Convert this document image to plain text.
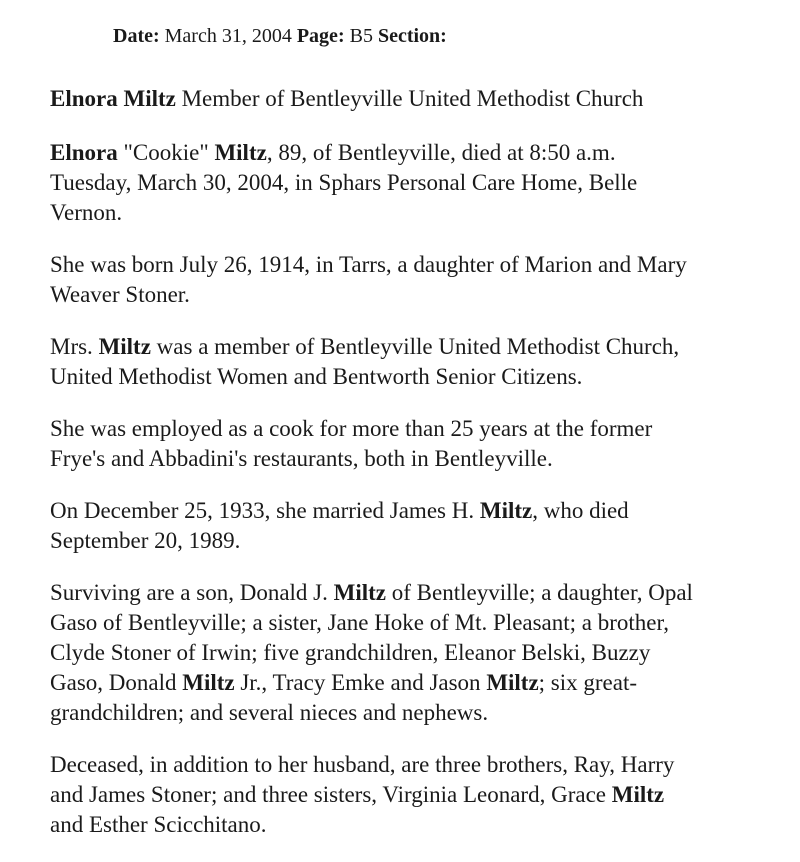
Date: March 31, 2004 Page: B5 Section:
Elnora Miltz Member of Bentleyville United Methodist Church

Elnora "Cookie" Miltz, 89, of Bentleyville, died at 8:50 a.m.
Tuesday, March 30, 2004, in Sphars Personal Care Home, Belle
Vernon.

She was born July 26, 1914, in Tarrs, a daughter of Marion and Mary
Weaver Stoner.

Mrs. Miltz was a member of Bentleyville United Methodist Church,
United Methodist Women and Bentworth Senior Citizens.

She was employed as a cook for more than 25 years at the former
Frye's and Abbadini's restaurants, both in Bentleyville.

On December 25, 1933, she married James H. Miltz, who died
September 20, 1989.

Surviving are a son, Donald J. Miltz of Bentleyville; a daughter, Opal
Gaso of Bentleyville; a sister, Jane Hoke of Mt. Pleasant; a brother,
Clyde Stoner of Irwin; five grandchildren, Eleanor Belski, Buzzy
Gaso, Donald Miltz Jr., Tracy Emke and Jason Miltz; six great-
grandchildren; and several nieces and nephews.

Deceased, in addition to her husband, are three brothers, Ray, Harry
and James Stoner; and three sisters, Virginia Leonard, Grace Miltz
and Esther Scicchitano.
